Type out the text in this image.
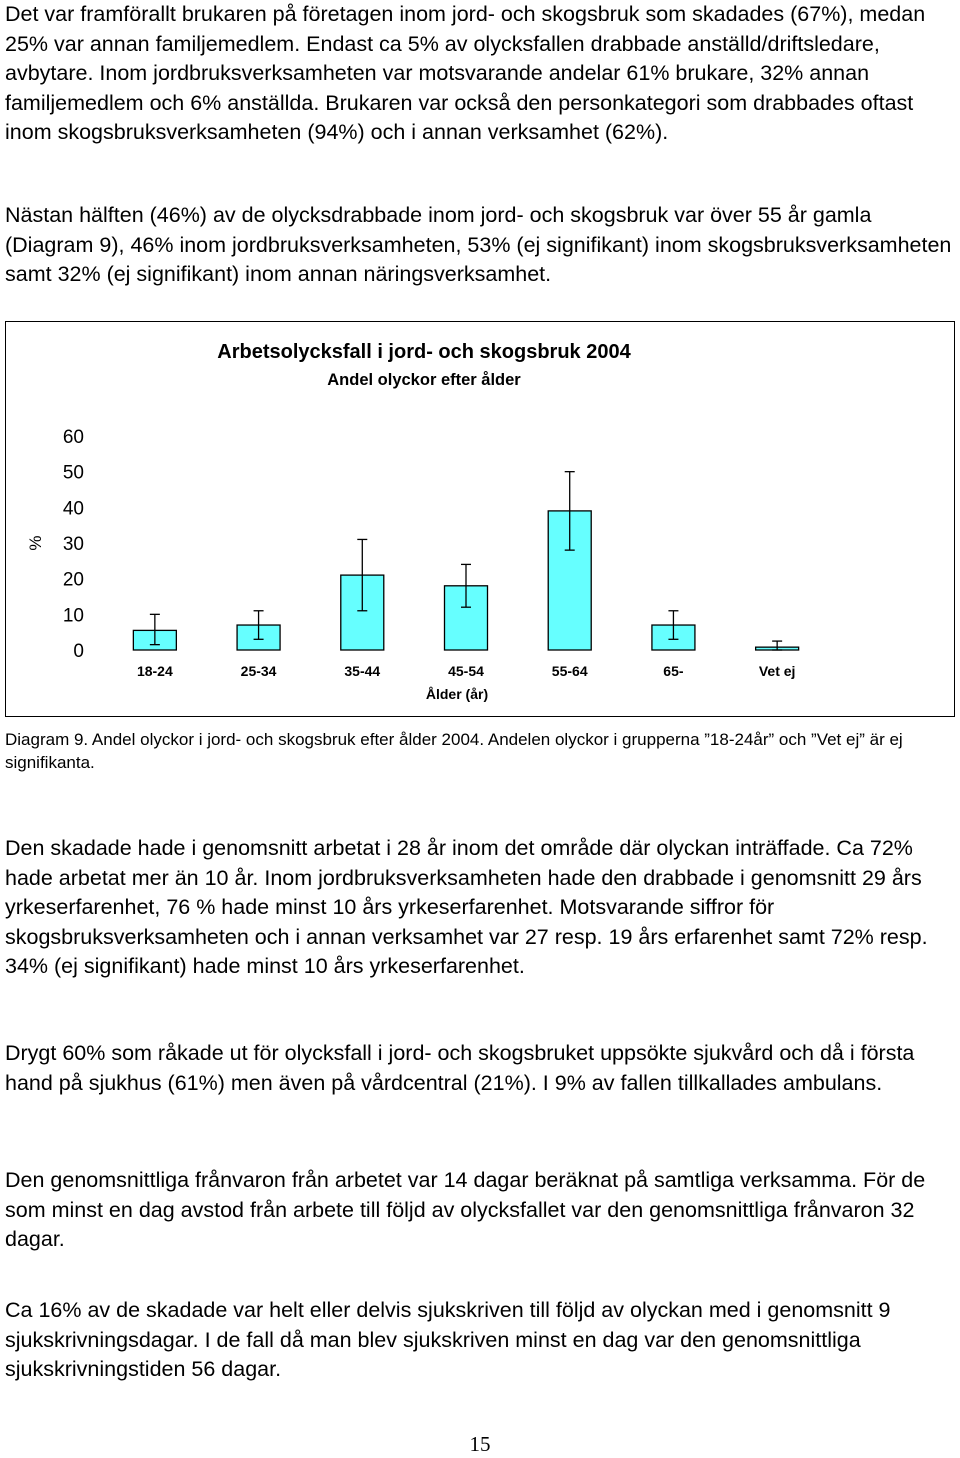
Det var framförallt brukaren på företagen inom jord- och skogsbruk som skadades (67%), medan 25% var annan familjemedlem. Endast ca 5% av olycksfallen drabbade anställd/driftsledare, avbytare. Inom jordbruksverksamheten var motsvarande andelar 61% brukare, 32% annan familjemedlem och 6% anställda. Brukaren var också den personkategori som drabbades oftast inom skogsbruksverksamheten (94%) och i annan verksamhet (62%).

Nästan hälften (46%) av de olycksdrabbade inom jord- och skogsbruk var över 55 år gamla (Diagram 9), 46% inom jordbruksverksamheten, 53% (ej signifikant) inom skogsbruksverksamheten samt 32% (ej signifikant) inom annan näringsverksamhet.

Arbetsolycksfall i jord- och skogsbruk 2004
Andel olyckor efter ålder
%
Ålder (år)
0
10
20
30
40
50
60
18-24	25-34	35-44	45-54	55-64	65-	Vet ej

Diagram 9. Andel olyckor i jord- och skogsbruk efter ålder 2004. Andelen olyckor i grupperna ”18-24år” och ”Vet ej” är ej signifikanta.

Den skadade hade i genomsnitt arbetat i 28 år inom det område där olyckan inträffade. Ca 72% hade arbetat mer än 10 år. Inom jordbruksverksamheten hade den drabbade i genomsnitt 29 års yrkeserfarenhet, 76 % hade minst 10 års yrkeserfarenhet. Motsvarande siffror för skogsbruksverksamheten och i annan verksamhet var 27 resp. 19 års erfarenhet samt 72% resp. 34% (ej signifikant) hade minst 10 års yrkeserfarenhet.

Drygt 60% som råkade ut för olycksfall i jord- och skogsbruket uppsökte sjukvård och då i första hand på sjukhus (61%) men även på vårdcentral (21%). I 9% av fallen tillkallades ambulans.

Den genomsnittliga frånvaron från arbetet var 14 dagar beräknat på samtliga verksamma. För de som minst en dag avstod från arbete till följd av olycksfallet var den genomsnittliga frånvaron 32 dagar.

Ca 16% av de skadade var helt eller delvis sjukskriven till följd av olyckan med i genomsnitt 9 sjukskrivningsdagar. I de fall då man blev sjukskriven minst en dag var den genomsnittliga sjukskrivningstiden 56 dagar.

15
